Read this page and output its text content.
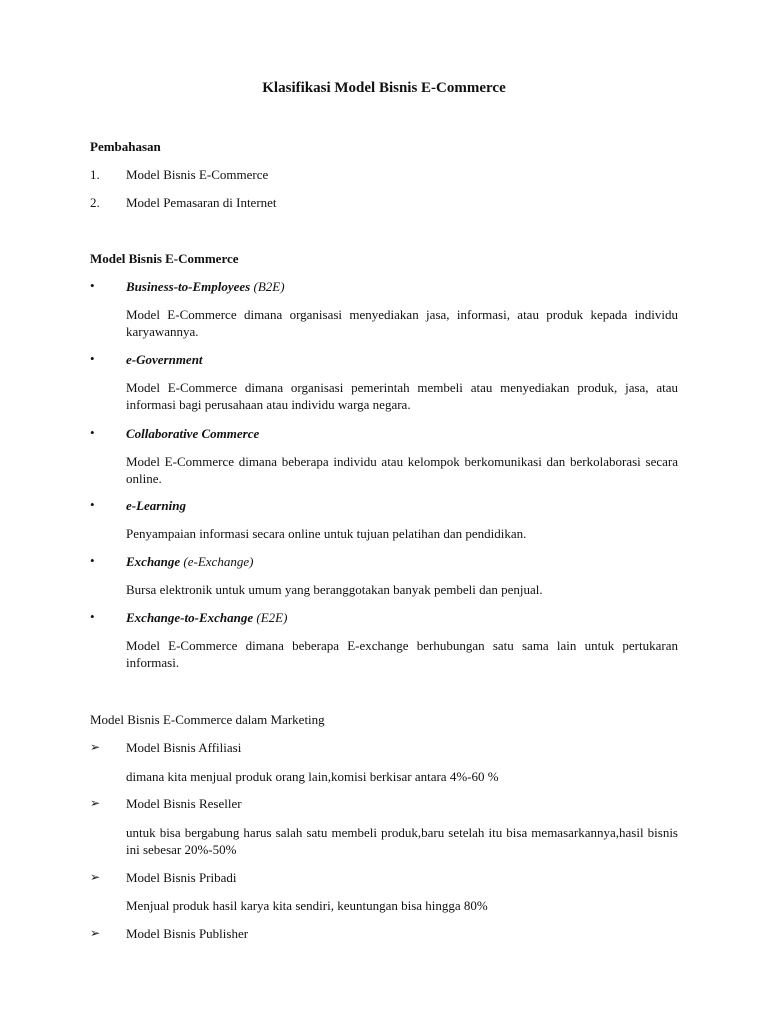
Klasifikasi Model Bisnis E-Commerce
Pembahasan
1. Model Bisnis E-Commerce
2. Model Pemasaran di Internet
Model Bisnis E-Commerce
• Business-to-Employees (B2E)
Model E-Commerce dimana organisasi menyediakan jasa, informasi, atau produk kepada individu karyawannya.
• e-Government
Model E-Commerce dimana organisasi pemerintah membeli atau menyediakan produk, jasa, atau informasi bagi perusahaan atau individu warga negara.
• Collaborative Commerce
Model E-Commerce dimana beberapa individu atau kelompok berkomunikasi dan berkolaborasi secara online.
• e-Learning
Penyampaian informasi secara online untuk tujuan pelatihan dan pendidikan.
• Exchange (e-Exchange)
Bursa elektronik untuk umum yang beranggotakan banyak pembeli dan penjual.
• Exchange-to-Exchange (E2E)
Model E-Commerce dimana beberapa E-exchange berhubungan satu sama lain untuk pertukaran informasi.
Model Bisnis E-Commerce dalam Marketing
➢ Model Bisnis Affiliasi
dimana kita menjual produk orang lain,komisi berkisar antara 4%-60 %
➢ Model Bisnis Reseller
untuk bisa bergabung harus salah satu membeli produk,baru setelah itu bisa memasarkannya,hasil bisnis ini sebesar 20%-50%
➢ Model Bisnis Pribadi
Menjual produk hasil karya kita sendiri, keuntungan bisa hingga 80%
➢ Model Bisnis Publisher
